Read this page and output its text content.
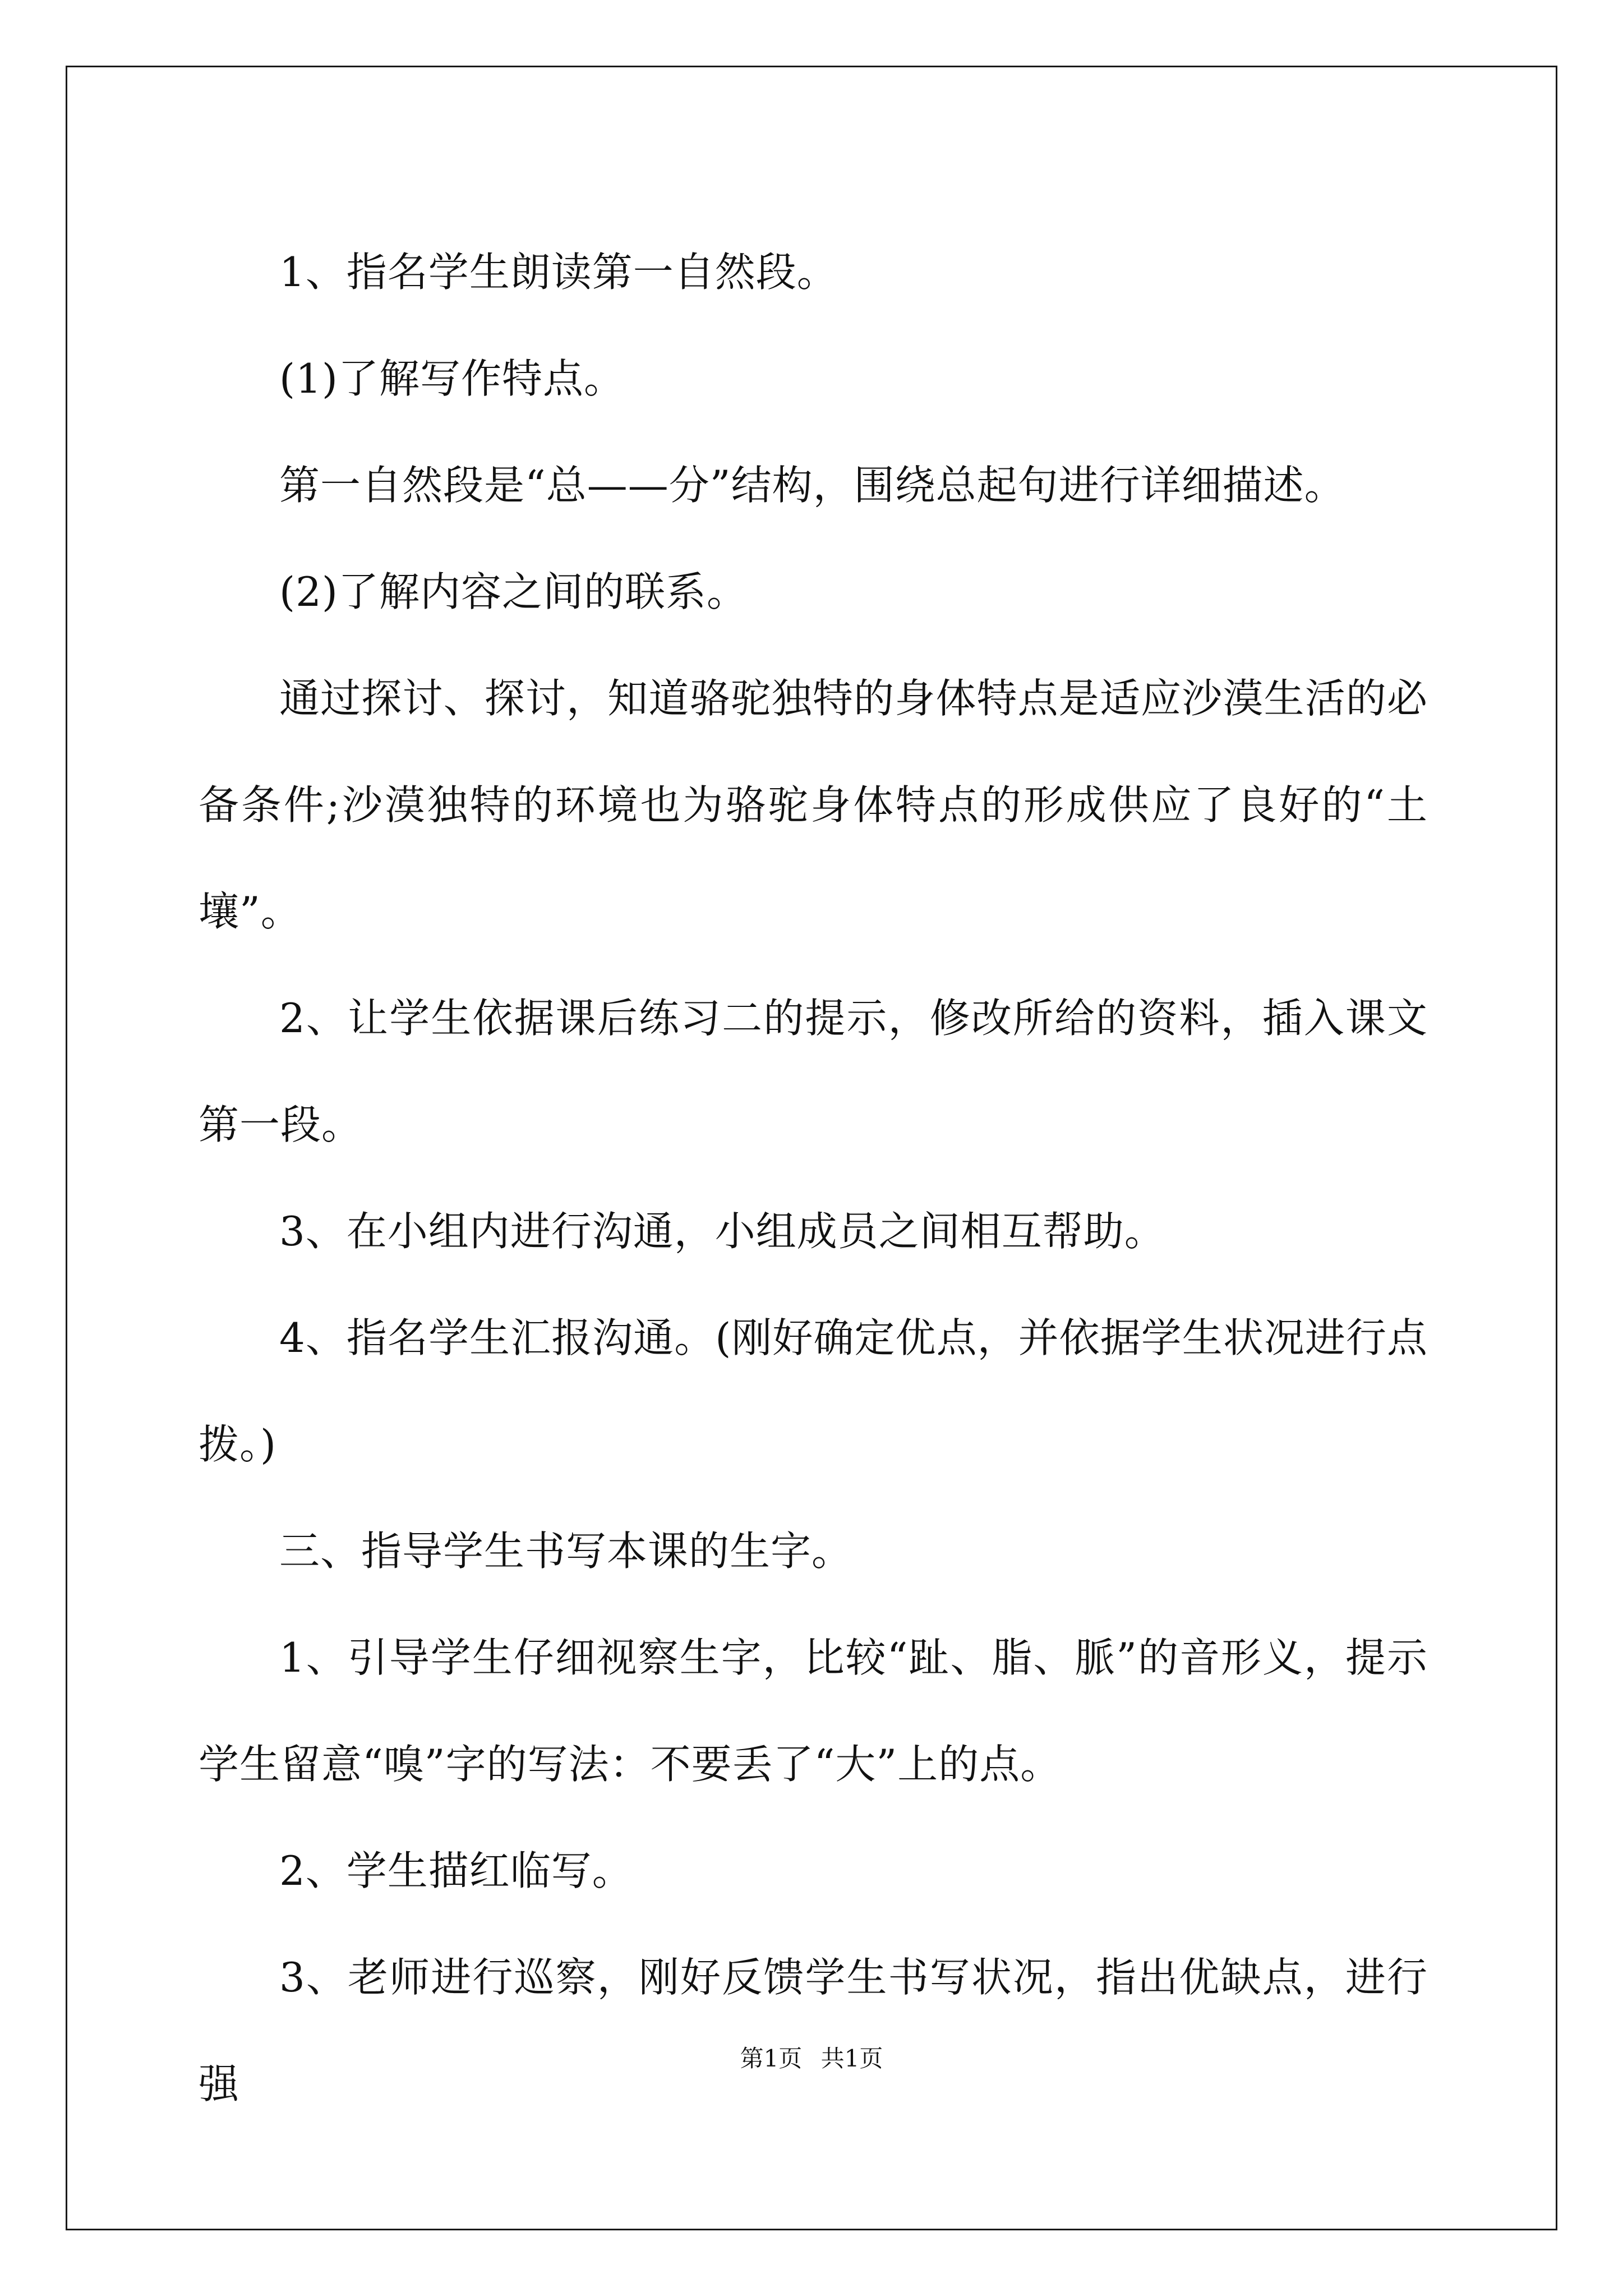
1、指名学生朗读第一自然段。

(1)了解写作特点。

第一自然段是“总——分”结构，围绕总起句进行详细描述。

(2)了解内容之间的联系。

通过探讨、探讨，知道骆驼独特的身体特点是适应沙漠生活的必备条件;沙漠独特的环境也为骆驼身体特点的形成供应了良好的“土壤”。

2、让学生依据课后练习二的提示，修改所给的资料，插入课文第一段。

3、在小组内进行沟通，小组成员之间相互帮助。

4、指名学生汇报沟通。(刚好确定优点，并依据学生状况进行点拨。)

三、指导学生书写本课的生字。

1、引导学生仔细视察生字，比较“趾、脂、脈”的音形义，提示学生留意“嗅”字的写法：不要丢了“大”上的点。

2、学生描红临写。

3、老师进行巡察，刚好反馈学生书写状况，指出优缺点，进行强

第1页 共1页
